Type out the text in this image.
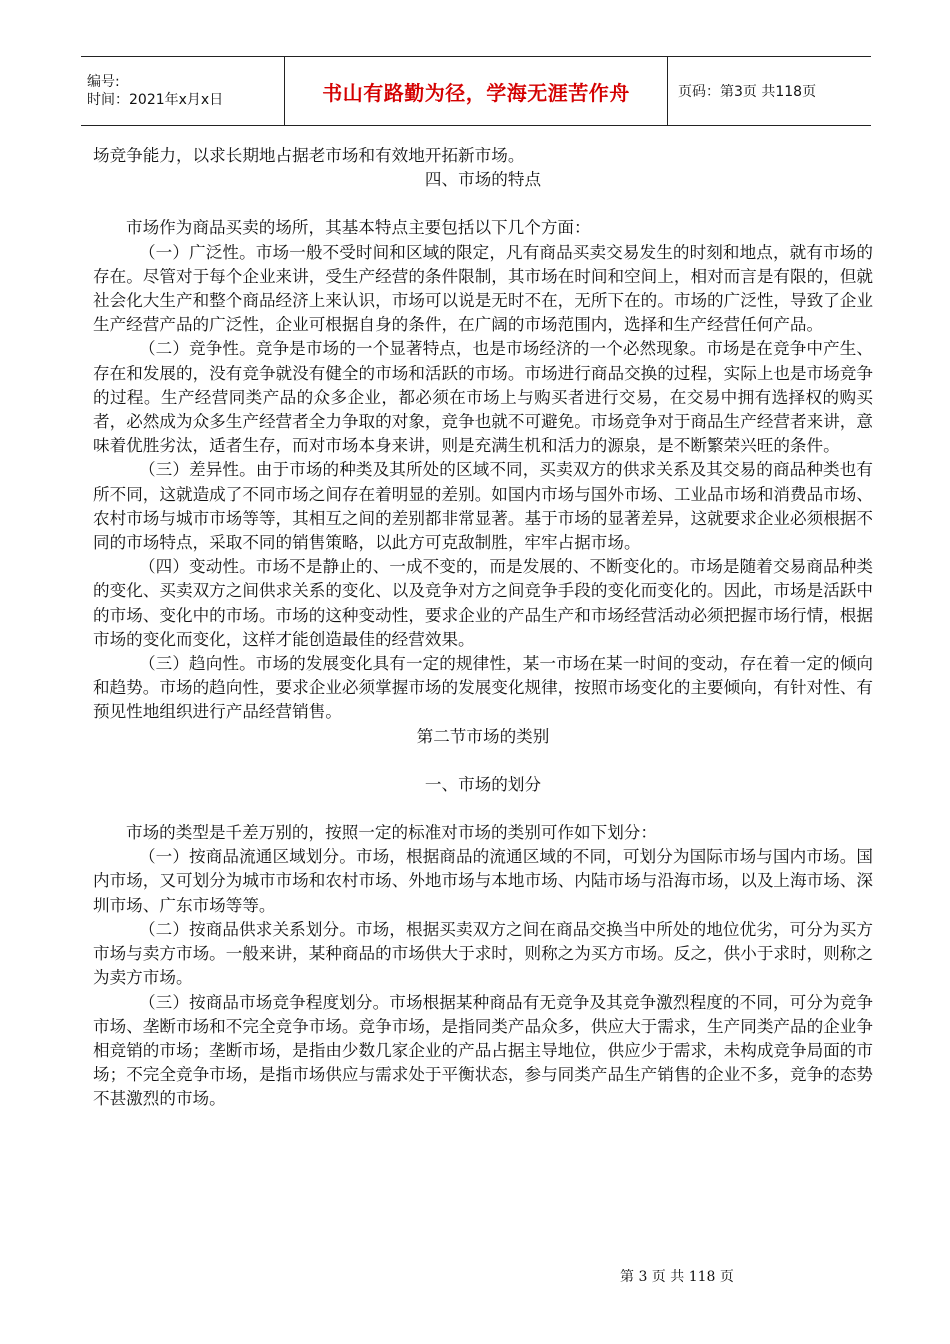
编号:
时间：2021年x月x日	书山有路勤为径，学海无涯苦作舟	页码：第3页 共118页

场竞争能力，以求长期地占据老市场和有效地开拓新市场。

四、市场的特点

市场作为商品买卖的场所，其基本特点主要包括以下几个方面：

（一）广泛性。市场一般不受时间和区域的限定，凡有商品买卖交易发生的时刻和地点，就有市场的存在。尽管对于每个企业来讲，受生产经营的条件限制，其市场在时间和空间上，相对而言是有限的，但就社会化大生产和整个商品经济上来认识，市场可以说是无时不在，无所下在的。市场的广泛性，导致了企业生产经营产品的广泛性，企业可根据自身的条件，在广阔的市场范围内，选择和生产经营任何产品。

（二）竞争性。竞争是市场的一个显著特点，也是市场经济的一个必然现象。市场是在竞争中产生、存在和发展的，没有竞争就没有健全的市场和活跃的市场。市场进行商品交换的过程，实际上也是市场竞争的过程。生产经营同类产品的众多企业，都必须在市场上与购买者进行交易，在交易中拥有选择权的购买者，必然成为众多生产经营者全力争取的对象，竞争也就不可避免。市场竞争对于商品生产经营者来讲，意味着优胜劣汰，适者生存，而对市场本身来讲，则是充满生机和活力的源泉，是不断繁荣兴旺的条件。

（三）差异性。由于市场的种类及其所处的区域不同，买卖双方的供求关系及其交易的商品种类也有所不同，这就造成了不同市场之间存在着明显的差别。如国内市场与国外市场、工业品市场和消费品市场、农村市场与城市市场等等，其相互之间的差别都非常显著。基于市场的显著差异，这就要求企业必须根据不同的市场特点，采取不同的销售策略，以此方可克敌制胜，牢牢占据市场。

（四）变动性。市场不是静止的、一成不变的，而是发展的、不断变化的。市场是随着交易商品种类的变化、买卖双方之间供求关系的变化、以及竞争对方之间竞争手段的变化而变化的。因此，市场是活跃中的市场、变化中的市场。市场的这种变动性，要求企业的产品生产和市场经营活动必须把握市场行情，根据市场的变化而变化，这样才能创造最佳的经营效果。

（三）趋向性。市场的发展变化具有一定的规律性，某一市场在某一时间的变动，存在着一定的倾向和趋势。市场的趋向性，要求企业必须掌握市场的发展变化规律，按照市场变化的主要倾向，有针对性、有预见性地组织进行产品经营销售。

第二节市场的类别

一、市场的划分

市场的类型是千差万别的，按照一定的标准对市场的类别可作如下划分：

（一）按商品流通区域划分。市场，根据商品的流通区域的不同，可划分为国际市场与国内市场。国内市场，又可划分为城市市场和农村市场、外地市场与本地市场、内陆市场与沿海市场，以及上海市场、深圳市场、广东市场等等。

（二）按商品供求关系划分。市场，根据买卖双方之间在商品交换当中所处的地位优劣，可分为买方市场与卖方市场。一般来讲，某种商品的市场供大于求时，则称之为买方市场。反之，供小于求时，则称之为卖方市场。

（三）按商品市场竞争程度划分。市场根据某种商品有无竞争及其竞争激烈程度的不同，可分为竞争市场、垄断市场和不完全竞争市场。竞争市场，是指同类产品众多，供应大于需求，生产同类产品的企业争相竞销的市场；垄断市场，是指由少数几家企业的产品占据主导地位，供应少于需求，未构成竞争局面的市场；不完全竞争市场，是指市场供应与需求处于平衡状态，参与同类产品生产销售的企业不多，竞争的态势不甚激烈的市场。

第 3 页 共 118 页
